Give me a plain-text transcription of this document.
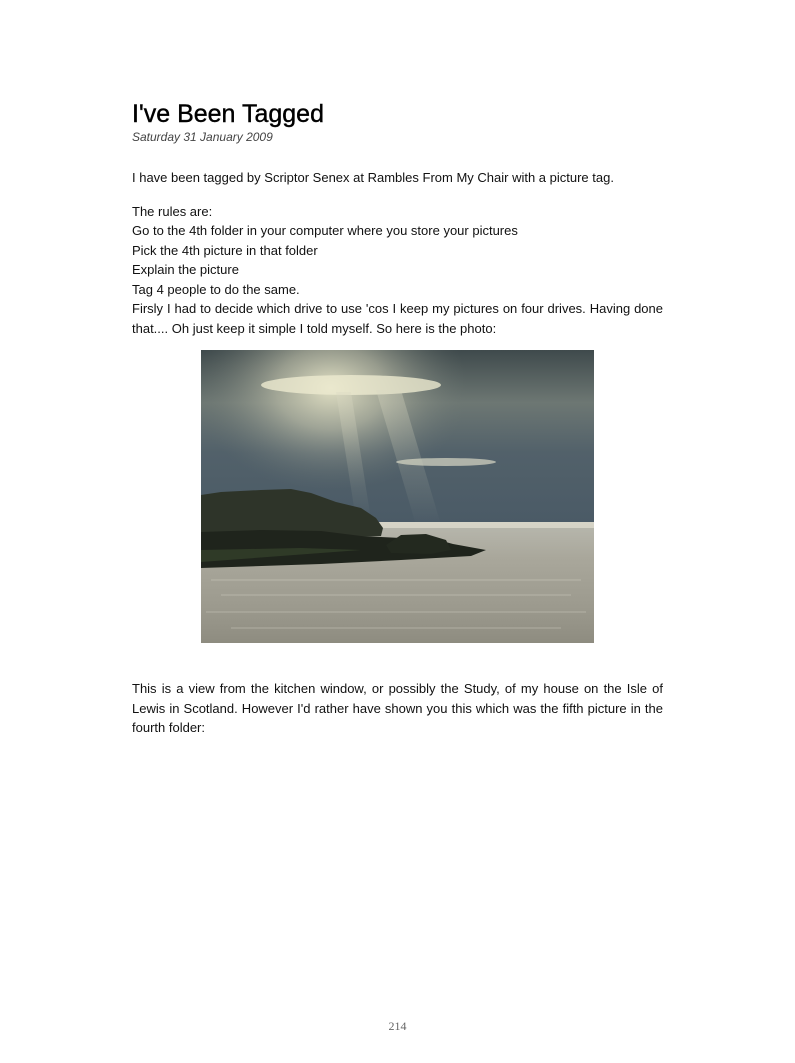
I've Been Tagged

Saturday 31 January 2009

I have been tagged by Scriptor Senex at Rambles From My Chair with a picture tag.

The rules are:
Go to the 4th folder in your computer where you store your pictures
Pick the 4th picture in that folder
Explain the picture
Tag 4 people to do the same.
Firsly I had to decide which drive to use 'cos I keep my pictures on four drives. Having done that.... Oh just keep it simple I told myself. So here is the photo:

This is a view from the kitchen window, or possibly the Study, of my house on the Isle of Lewis in Scotland. However I'd rather have shown you this which was the fifth picture in the fourth folder:

214
